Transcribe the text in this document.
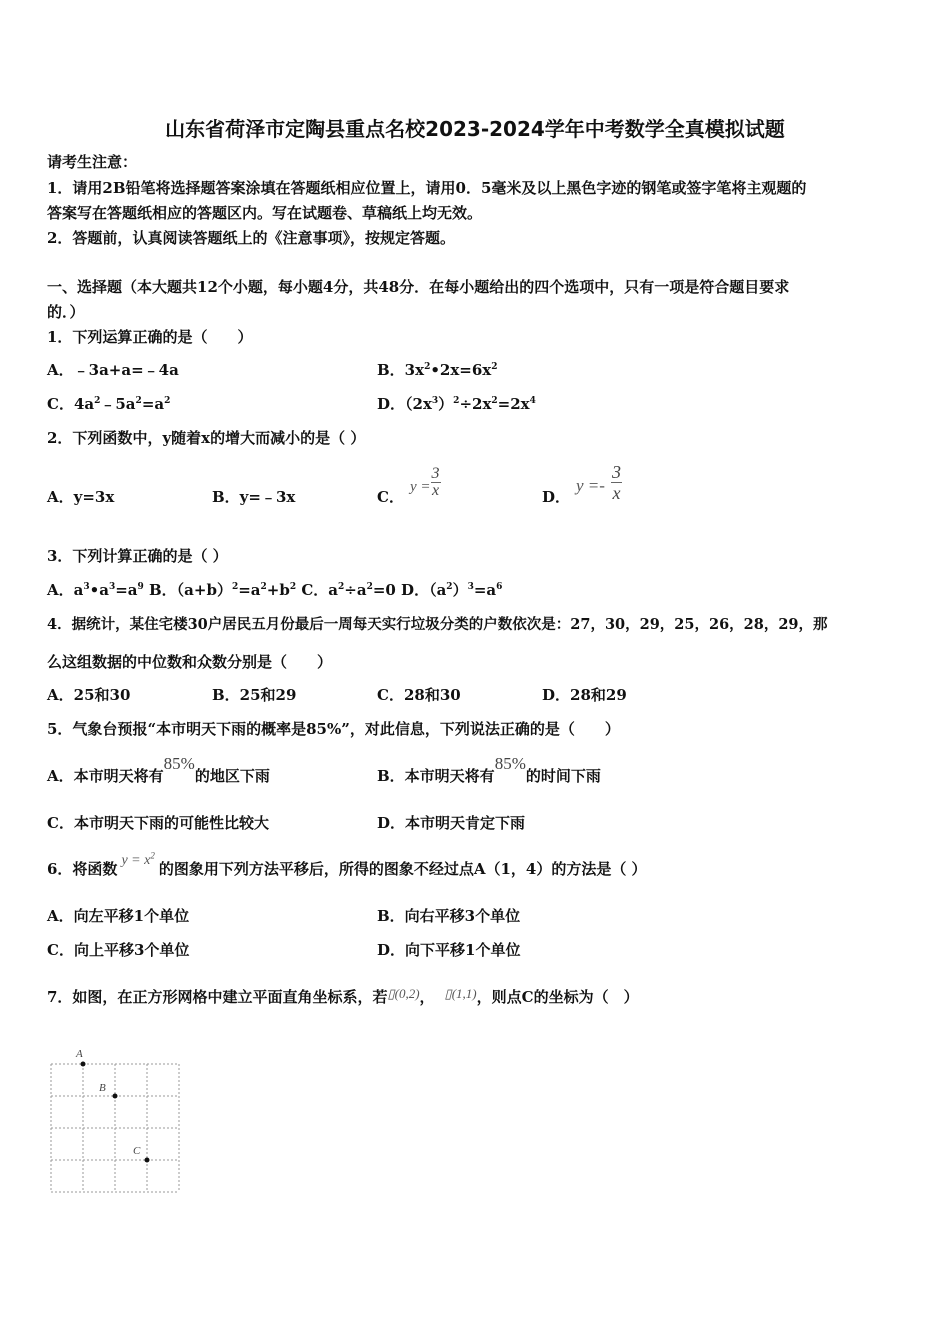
山东省荷泽市定陶县重点名校2023-2024学年中考数学全真模拟试题
请考生注意：
1．请用2B铅笔将选择题答案涂填在答题纸相应位置上，请用0．5毫米及以上黑色字迹的钢笔或签字笔将主观题的
答案写在答题纸相应的答题区内。写在试题卷、草稿纸上均无效。
2．答题前，认真阅读答题纸上的《注意事项》，按规定答题。
一、选择题（本大题共12个小题，每小题4分，共48分．在每小题给出的四个选项中，只有一项是符合题目要求
的．）
1．下列运算正确的是（　　）
A．﹣3a+a=﹣4a	B．$3x^2•2x=6x^2$
C．$4a^2﹣5a^2=a^2$	D．$(2x^3)^2\div 2x^2=2x^4$
2．下列函数中，y随着x的增大而减小的是（ ）
A．y=3x	B．y=﹣3x	C．
$y = \frac{3}{x}$	D．
$y =- \frac{3}{x}$
3．下列计算正确的是（ ）
A．$a^3•a^3=a^9$ B．$(a+b)^2=a^2+b^2$ C．$a^2\div a^2=0$ D．$(a^2)^3=a^6$
4．据统计，某住宅楼30户居民五月份最后一周每天实行垃圾分类的户数依次是：27，30，29，25，26，28，29，那
么这组数据的中位数和众数分别是（　　）
A．25和30	B．25和29	C．28和30	D．28和29
5．气象台预报“本市明天下雨的概率是85%”，对此信息，下列说法正确的是（　　）
A．本市明天将有85%的地区下雨	B．本市明天将有85%的时间下雨
C．本市明天下雨的可能性比较大	D．本市明天肯定下雨
6．将函数 $y = x^2$的图象用下列方法平移后，所得的图象不经过点A（1，4）的方法是（ ）
A．向左平移1个单位	B．向右平移3个单位
C．向上平移3个单位	D．向下平移1个单位
7．如图，在正方形网格中建立平面直角坐标系，若▯(0,2)， ▯(1,1)，则点C的坐标为（　）
A
B
C
